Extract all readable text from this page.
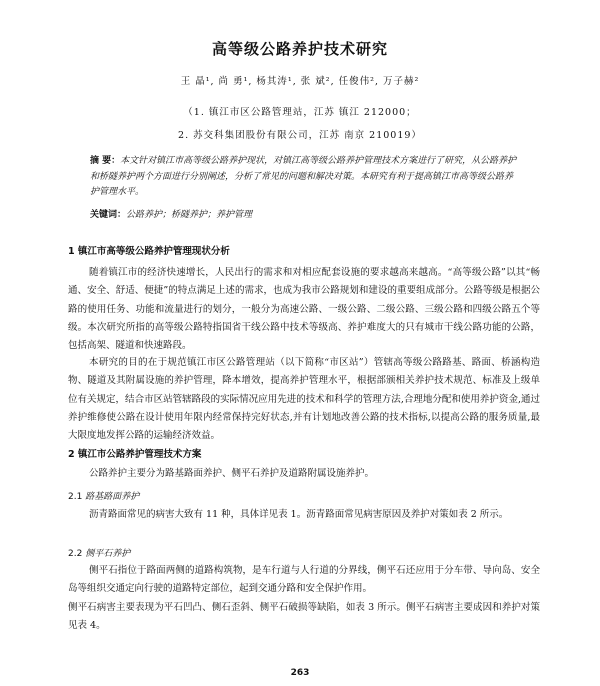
高等级公路养护技术研究
王 晶¹, 尚 勇¹, 杨其涛¹, 张 斌², 任俊伟², 万子赫²
（1. 镇江市区公路管理站，江苏 镇江 212000；
2. 苏交科集团股份有限公司，江苏 南京 210019）
摘 要：本文针对镇江市高等级公路养护现状，对镇江高等级公路养护管理技术方案进行了研究，从公路养护和桥隧养护两个方面进行分别阐述，分析了常见的问题和解决对策。本研究有利于提高镇江市高等级公路养护管理水平。
关键词：公路养护；桥隧养护；养护管理
1 镇江市高等级公路养护管理现状分析
随着镇江市的经济快速增长，人民出行的需求和对相应配套设施的要求越高来越高。“高等级公路”以其“畅通、安全、舒适、便捷”的特点满足上述的需求，也成为我市公路规划和建设的重要组成部分。公路等级是根据公路的使用任务、功能和流量进行的划分，一般分为高速公路、一级公路、二级公路、三级公路和四级公路五个等级。本次研究所指的高等级公路特指国省干线公路中技术等级高、养护难度大的只有城市干线公路功能的公路，包括高架、隧道和快速路段。
本研究的目的在于规范镇江市区公路管理站（以下简称“市区站”）管辖高等级公路路基、路面、桥涵构造物、隧道及其附属设施的养护管理，降本增效，提高养护管理水平，根据部颁相关养护技术规范、标准及上级单位有关规定，结合市区站管辖路段的实际情况应用先进的技术和科学的管理方法,合理地分配和使用养护资金,通过养护维修使公路在设计使用年限内经常保持完好状态,并有计划地改善公路的技术指标,以提高公路的服务质量,最大限度地发挥公路的运输经济效益。
2 镇江市公路养护管理技术方案
公路养护主要分为路基路面养护、侧平石养护及道路附属设施养护。
2.1 路基路面养护
沥青路面常见的病害大致有 11 种，具体详见表 1。沥青路面常见病害原因及养护对策如表 2 所示。
2.2 侧平石养护
侧平石指位于路面两侧的道路构筑物，是车行道与人行道的分界线，侧平石还应用于分车带、导向岛、安全岛等组织交通定向行驶的道路特定部位，起到交通分路和安全保护作用。
侧平石病害主要表现为平石凹凸、侧石歪斜、侧平石破损等缺陷，如表 3 所示。侧平石病害主要成因和养护对策见表 4。
263
